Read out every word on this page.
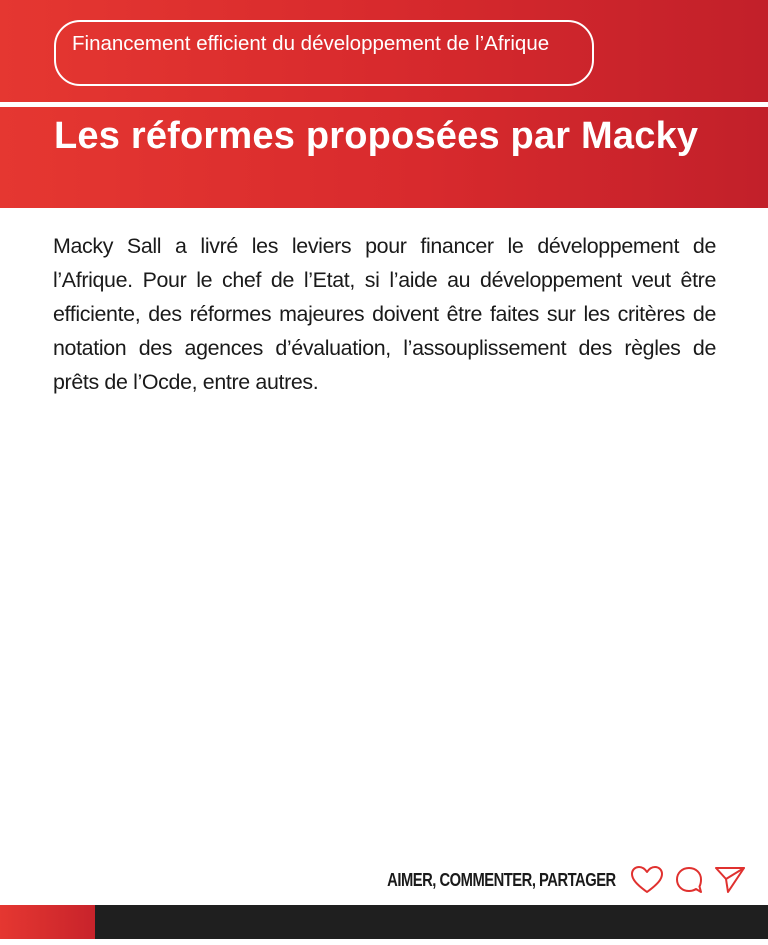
Financement efficient du développement de l’Afrique
Les réformes proposées par Macky

Macky Sall a livré les leviers pour financer le développement de l’Afrique. Pour le chef de l’Etat, si l’aide au développement veut être efficiente, des réformes majeures doivent être faites sur les critères de notation des agences d’évaluation, l’assouplissement des règles de prêts de l’Ocde, entre autres.

AIMER, COMMENTER, PARTAGER
